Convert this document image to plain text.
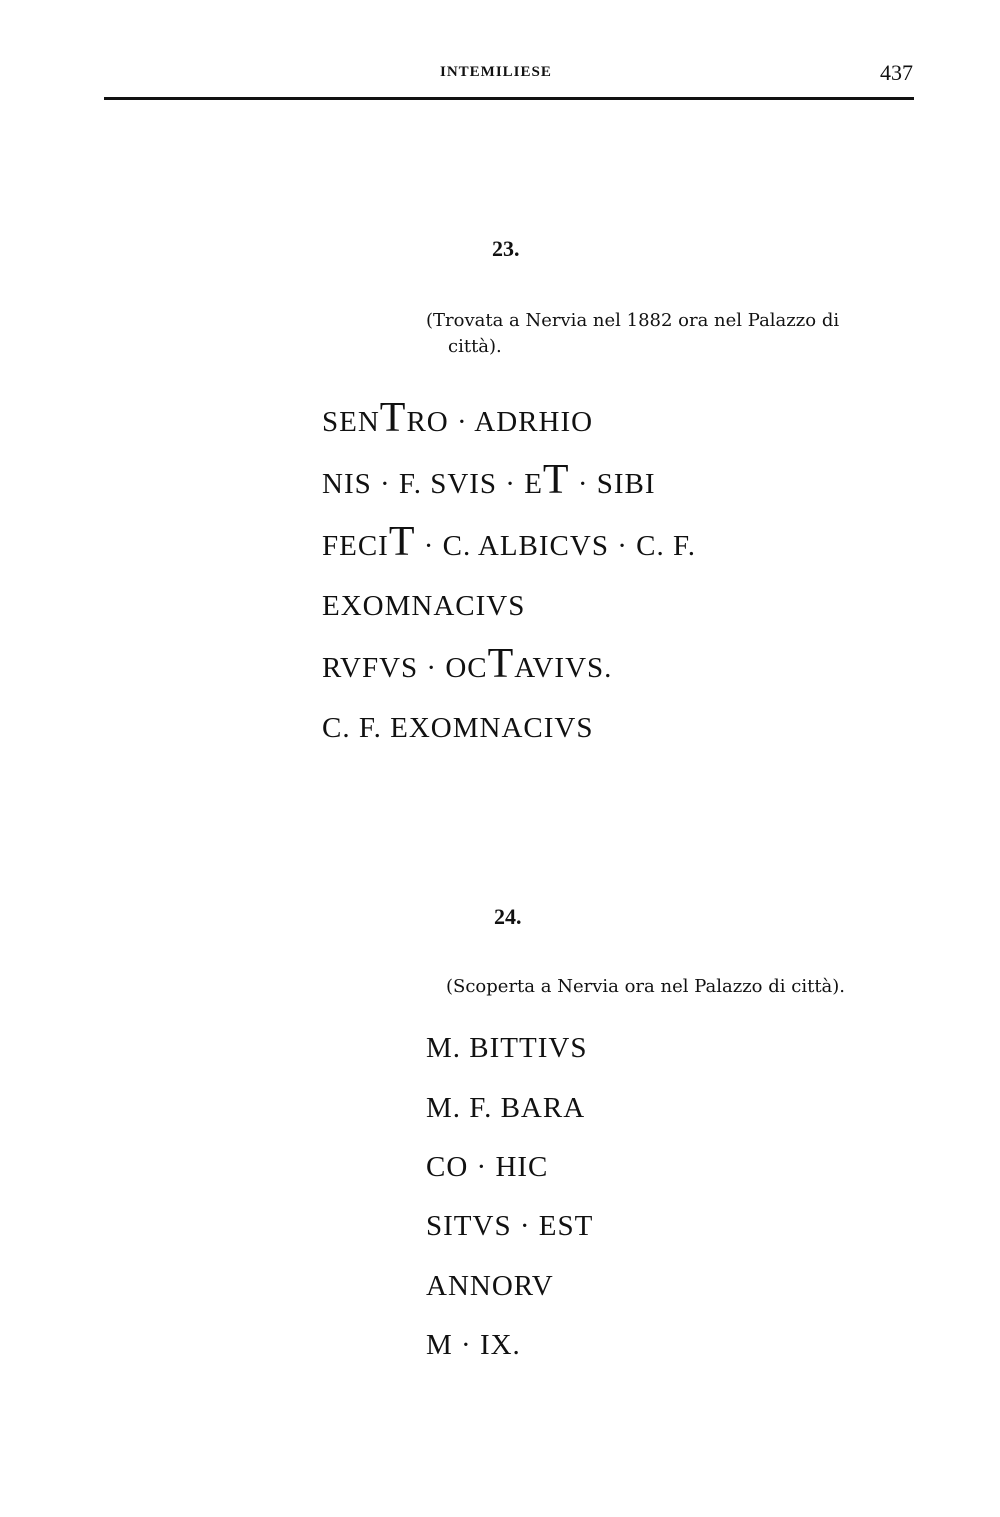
INTEMILIESE	437
23.
(Trovata a Nervia nel 1882 ora nel Palazzo di
città).
SENTRO · ADRHIO
NIS · F. SVIS · ET · SIBI
FECIT · C. ALBICVS · C. F.
EXOMNACIVS
RVFVS · OCTAVIVS.
C. F. EXOMNACIVS
24.
(Scoperta a Nervia ora nel Palazzo di città).
M. BITTIVS
M. F. BARA
CO · HIC
SITVS · EST
ANNORV
M · IX.
